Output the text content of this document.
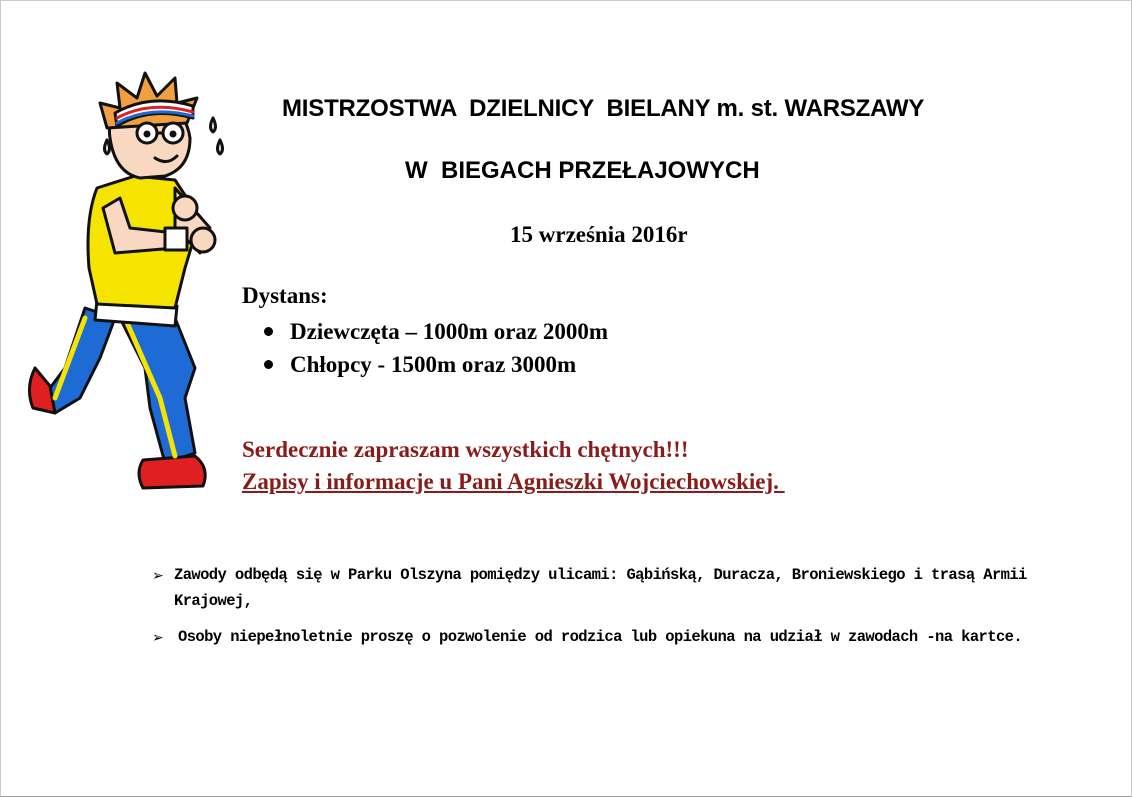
MISTRZOSTWA  DZIELNICY  BIELANY m. st. WARSZAWY
W  BIEGACH PRZEŁAJOWYCH
15 września 2016r
Dystans:
Dziewczęta – 1000m oraz 2000m
Chłopcy - 1500m oraz 3000m
Serdecznie zapraszam wszystkich chętnych!!!
Zapisy i informacje u Pani Agnieszki Wojciechowskiej.
➢ Zawody odbędą się w Parku Olszyna pomiędzy ulicami: Gąbińską, Duracza, Broniewskiego i trasą Armii Krajowej,
➢ Osoby niepełnoletnie proszę o pozwolenie od rodzica lub opiekuna na udział w zawodach -na kartce.
